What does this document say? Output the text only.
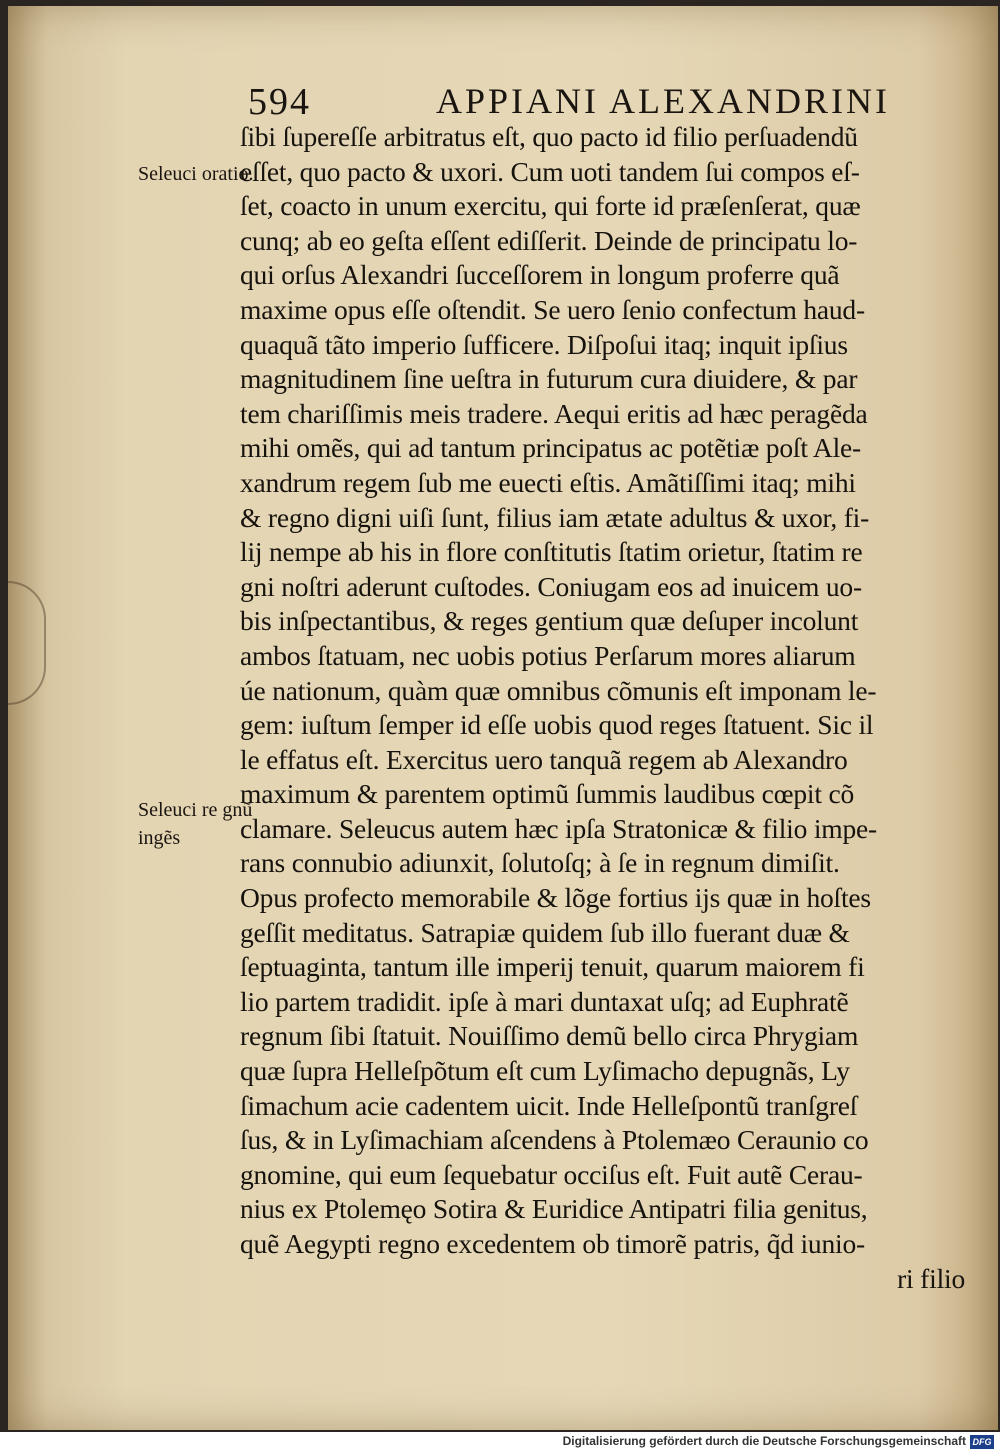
594	APPIANI ALEXANDRINI
Seleuci oratio.
Seleuci re gnũ ingẽs
ſibi ſupereſſe arbitratus eſt, quo pacto id filio perſuadendũ
eſſet, quo pacto & uxori. Cum uoti tandem ſui compos eſ-
ſet, coacto in unum exercitu, qui forte id præſenſerat, quæ
cunq; ab eo geſta eſſent ediſſerit. Deinde de principatu lo-
qui orſus Alexandri ſucceſſorem in longum proferre quã
maxime opus eſſe oſtendit. Se uero ſenio confectum haud-
quaquã tãto imperio ſufficere. Diſpoſui itaq; inquit ipſius
magnitudinem ſine ueſtra in futurum cura diuidere, & par
tem chariſſimis meis tradere. Aequi eritis ad hæc peragẽda
mihi omẽs, qui ad tantum principatus ac potẽtiæ poſt Ale-
xandrum regem ſub me euecti eſtis. Amãtiſſimi itaq; mihi
& regno digni uiſi ſunt, filius iam ætate adultus & uxor, fi-
lij nempe ab his in flore conſtitutis ſtatim orietur, ſtatim re
gni noſtri aderunt cuſtodes. Coniugam eos ad inuicem uo-
bis inſpectantibus, & reges gentium quæ deſuper incolunt
ambos ſtatuam, nec uobis potius Perſarum mores aliarum
úe nationum, quàm quæ omnibus cõmunis eſt imponam le-
gem: iuſtum ſemper id eſſe uobis quod reges ſtatuent. Sic il
le effatus eſt. Exercitus uero tanquã regem ab Alexandro
maximum & parentem optimũ ſummis laudibus cœpit cõ
clamare. Seleucus autem hæc ipſa Stratonicæ & filio impe-
rans connubio adiunxit, ſolutoſq; à ſe in regnum dimiſit.
Opus profecto memorabile & lõge fortius ijs quæ in hoſtes
geſſit meditatus. Satrapiæ quidem ſub illo fuerant duæ &
ſeptuaginta, tantum ille imperij tenuit, quarum maiorem fi
lio partem tradidit. ipſe à mari duntaxat uſq; ad Euphratẽ
regnum ſibi ſtatuit. Nouiſſimo demũ bello circa Phrygiam
quæ ſupra Helleſpõtum eſt cum Lyſimacho depugnãs, Ly
ſimachum acie cadentem uicit. Inde Helleſpontũ tranſgreſ
ſus, & in Lyſimachiam aſcendens à Ptolemæo Ceraunio co
gnomine, qui eum ſequebatur occiſus eſt. Fuit autẽ Cerau-
nius ex Ptolemęo Sotira & Euridice Antipatri filia genitus,
quẽ Aegypti regno excedentem ob timorẽ patris, q̃d iunio-
ri filio
Digitalisierung gefördert durch die Deutsche Forschungsgemeinschaft DFG
